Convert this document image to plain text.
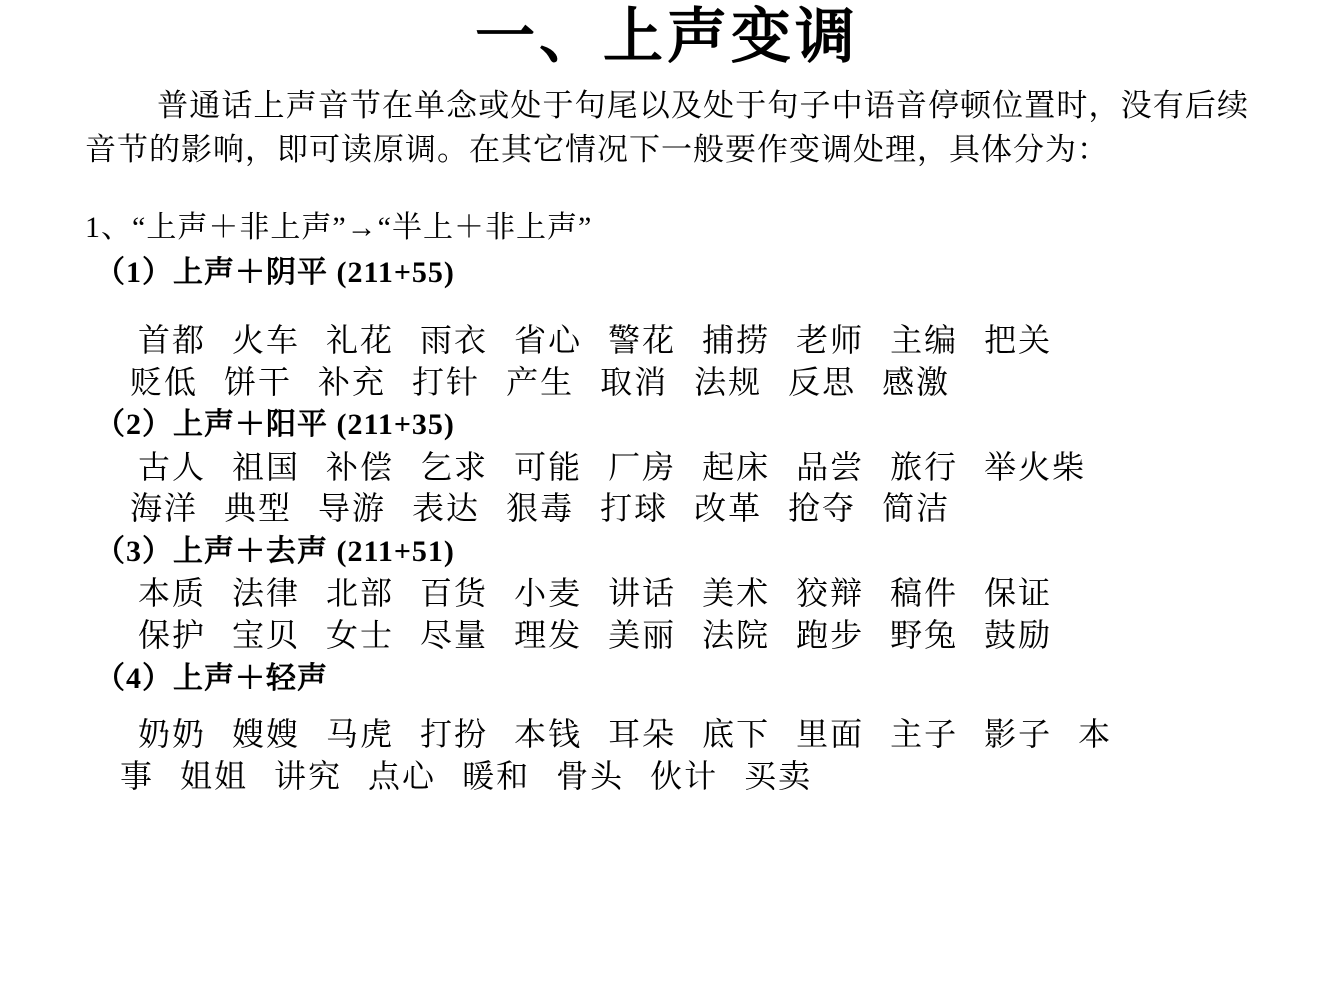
一、上声变调
普通话上声音节在单念或处于句尾以及处于句子中语音停顿位置时，没有后续音节的影响，即可读原调。在其它情况下一般要作变调处理，具体分为：
1、“上声＋非上声”→“半上＋非上声”
（1）上声＋阴平 (211+55)
首都 火车 礼花 雨衣 省心 警花 捕捞 老师 主编 把关
贬低 饼干 补充 打针 产生 取消 法规 反思 感激
（2）上声＋阳平 (211+35)
古人 祖国 补偿 乞求 可能 厂房 起床 品尝 旅行 举火柴
海洋 典型 导游 表达 狠毒 打球 改革 抢夺 简洁
（3）上声＋去声 (211+51)
本质 法律 北部 百货 小麦 讲话 美术 狡辩 稿件 保证
保护 宝贝 女士 尽量 理发 美丽 法院 跑步 野兔 鼓励
（4）上声＋轻声
奶奶 嫂嫂 马虎 打扮 本钱 耳朵 底下 里面 主子 影子 本
事 姐姐 讲究 点心 暖和 骨头 伙计 买卖
